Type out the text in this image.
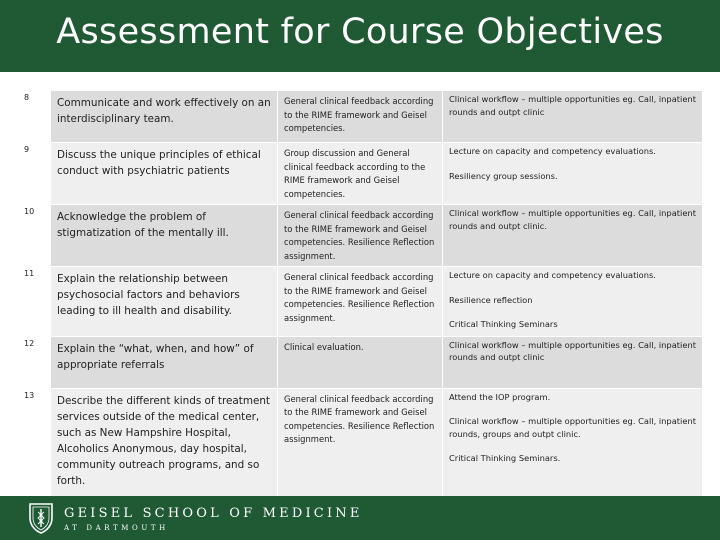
Assessment for Course Objectives
8	Communicate and work effectively on an interdisciplinary team.	General clinical feedback according to the RIME framework and Geisel competencies.	Clinical workflow – multiple opportunities eg. Call, inpatient rounds and outpt clinic

9	Discuss the unique principles of ethical conduct with psychiatric patients	Group discussion and General clinical feedback according to the RIME framework and Geisel competencies.	Lecture on capacity and competency evaluations.
Resiliency group sessions.

10	Acknowledge the problem of stigmatization of the mentally ill.	General clinical feedback according to the RIME framework and Geisel competencies. Resilience Reflection assignment.	Clinical workflow – multiple opportunities eg. Call, inpatient rounds and outpt clinic.

11	Explain the relationship between psychosocial factors and behaviors leading to ill health and disability.	General clinical feedback according to the RIME framework and Geisel competencies. Resilience Reflection assignment.	Lecture on capacity and competency evaluations.
Resilience reflection
Critical Thinking Seminars

12	Explain the “what, when, and how” of appropriate referrals	Clinical evaluation.	Clinical workflow – multiple opportunities eg. Call, inpatient rounds and outpt clinic

13	Describe the different kinds of treatment services outside of the medical center, such as New Hampshire Hospital, Alcoholics Anonymous, day hospital, community outreach programs, and so forth.	General clinical feedback according to the RIME framework and Geisel competencies. Resilience Reflection assignment.	Attend the IOP program.
Clinical workflow – multiple opportunities eg. Call, inpatient rounds, groups and outpt clinic.
Critical Thinking Seminars.
GEISEL SCHOOL OF MEDICINE
AT DARTMOUTH
